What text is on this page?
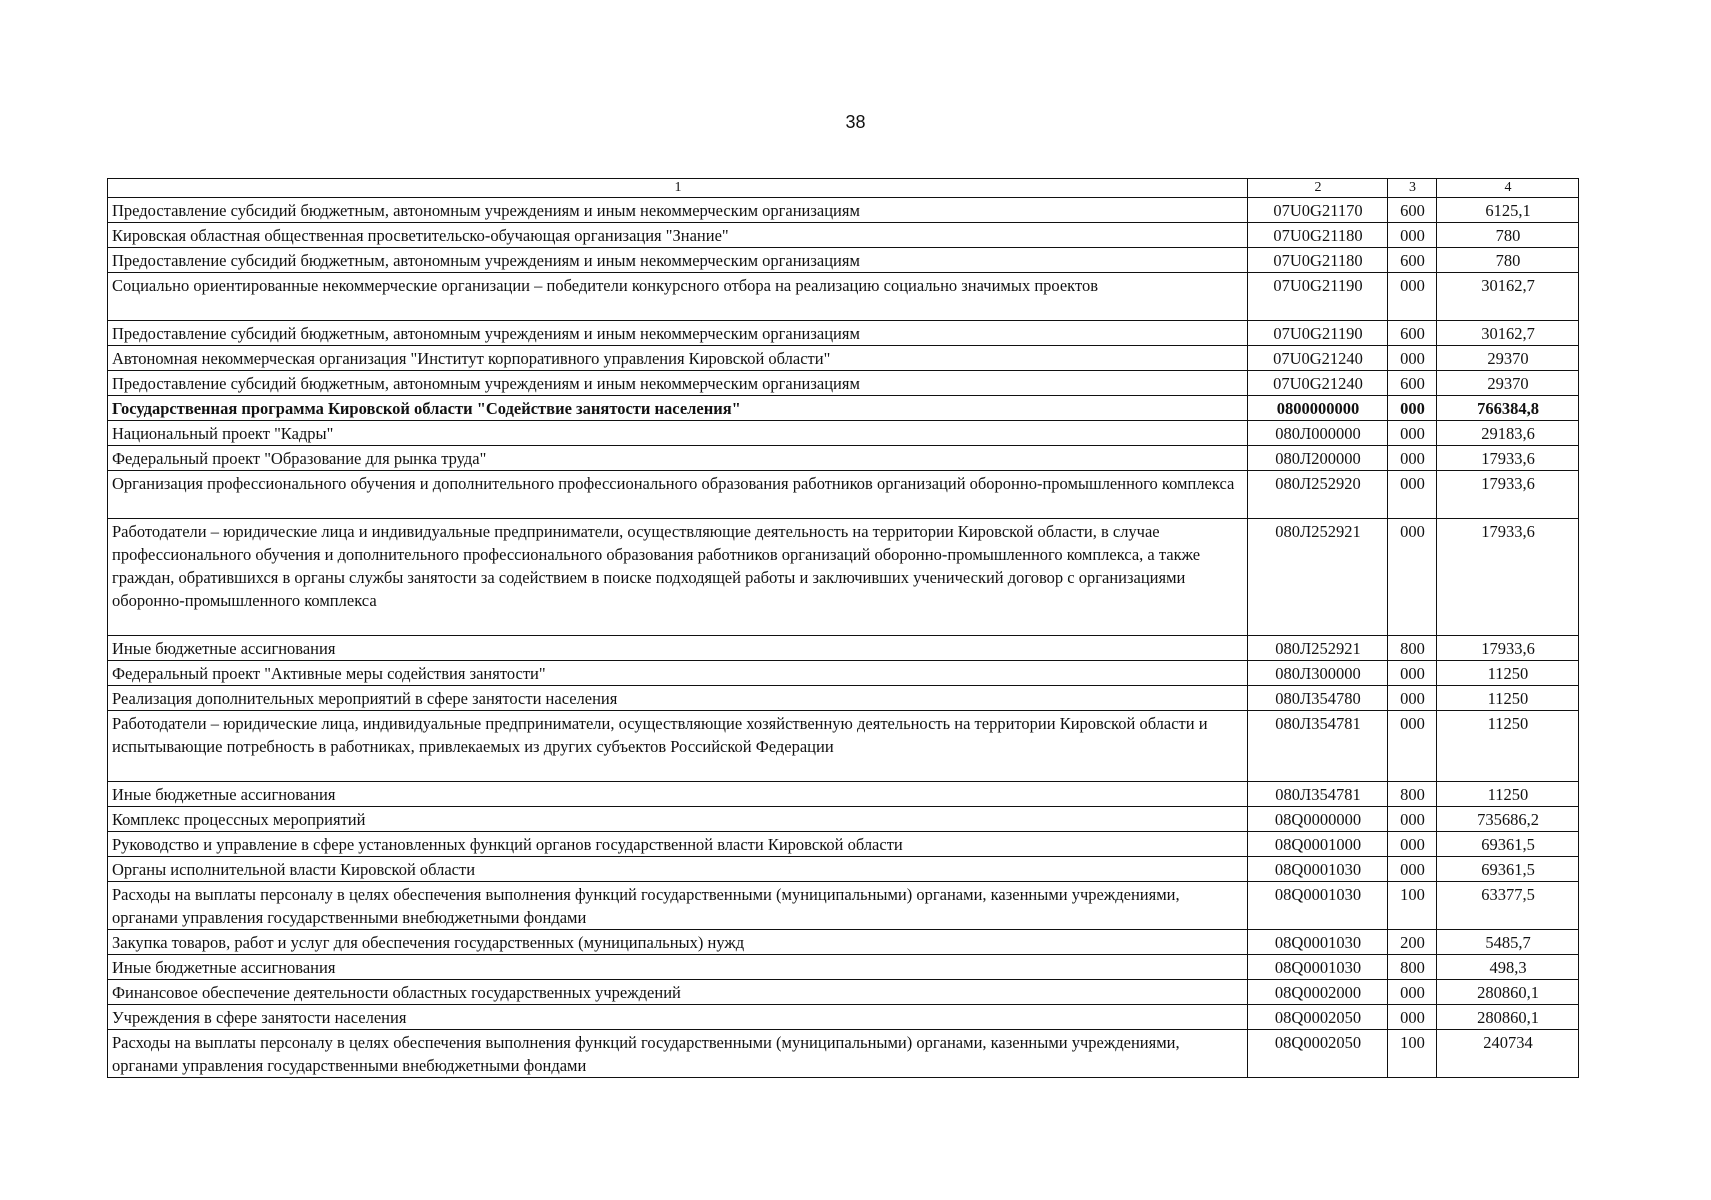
38
1	2	3	4
Предоставление субсидий бюджетным, автономным учреждениям и иным некоммерческим организациям	07U0G21170	600	6125,1
Кировская областная общественная просветительско-обучающая организация "Знание"	07U0G21180	000	780
Предоставление субсидий бюджетным, автономным учреждениям и иным некоммерческим организациям	07U0G21180	600	780
Социально ориентированные некоммерческие организации – победители конкурсного отбора на реализацию социально значимых проектов	07U0G21190	000	30162,7
Предоставление субсидий бюджетным, автономным учреждениям и иным некоммерческим организациям	07U0G21190	600	30162,7
Автономная некоммерческая организация "Институт корпоративного управления Кировской области"	07U0G21240	000	29370
Предоставление субсидий бюджетным, автономным учреждениям и иным некоммерческим организациям	07U0G21240	600	29370
Государственная программа Кировской области "Содействие занятости населения"	0800000000	000	766384,8
Национальный проект "Кадры"	080Л000000	000	29183,6
Федеральный проект "Образование для рынка труда"	080Л200000	000	17933,6
Организация профессионального обучения и дополнительного профессионального образования работников организаций оборонно-промышленного комплекса	080Л252920	000	17933,6
Работодатели – юридические лица и индивидуальные предприниматели, осуществляющие деятельность на территории Кировской области, в случае профессионального обучения и дополнительного профессионального образования работников организаций оборонно-промышленного комплекса, а также граждан, обратившихся в органы службы занятости за содействием в поиске подходящей работы и заключивших ученический договор с организациями оборонно-промышленного комплекса	080Л252921	000	17933,6
Иные бюджетные ассигнования	080Л252921	800	17933,6
Федеральный проект "Активные меры содействия занятости"	080Л300000	000	11250
Реализация дополнительных мероприятий в сфере занятости населения	080Л354780	000	11250
Работодатели – юридические лица, индивидуальные предприниматели, осуществляющие хозяйственную деятельность на территории Кировской области и испытывающие потребность в работниках, привлекаемых из других субъектов Российской Федерации	080Л354781	000	11250
Иные бюджетные ассигнования	080Л354781	800	11250
Комплекс процессных мероприятий	08Q0000000	000	735686,2
Руководство и управление в сфере установленных функций органов государственной власти Кировской области	08Q0001000	000	69361,5
Органы исполнительной власти Кировской области	08Q0001030	000	69361,5
Расходы на выплаты персоналу в целях обеспечения выполнения функций государственными (муниципальными) органами, казенными учреждениями, органами управления государственными внебюджетными фондами	08Q0001030	100	63377,5
Закупка товаров, работ и услуг для обеспечения государственных (муниципальных) нужд	08Q0001030	200	5485,7
Иные бюджетные ассигнования	08Q0001030	800	498,3
Финансовое обеспечение деятельности областных государственных учреждений	08Q0002000	000	280860,1
Учреждения в сфере занятости населения	08Q0002050	000	280860,1
Расходы на выплаты персоналу в целях обеспечения выполнения функций государственными (муниципальными) органами, казенными учреждениями, органами управления государственными внебюджетными фондами	08Q0002050	100	240734
